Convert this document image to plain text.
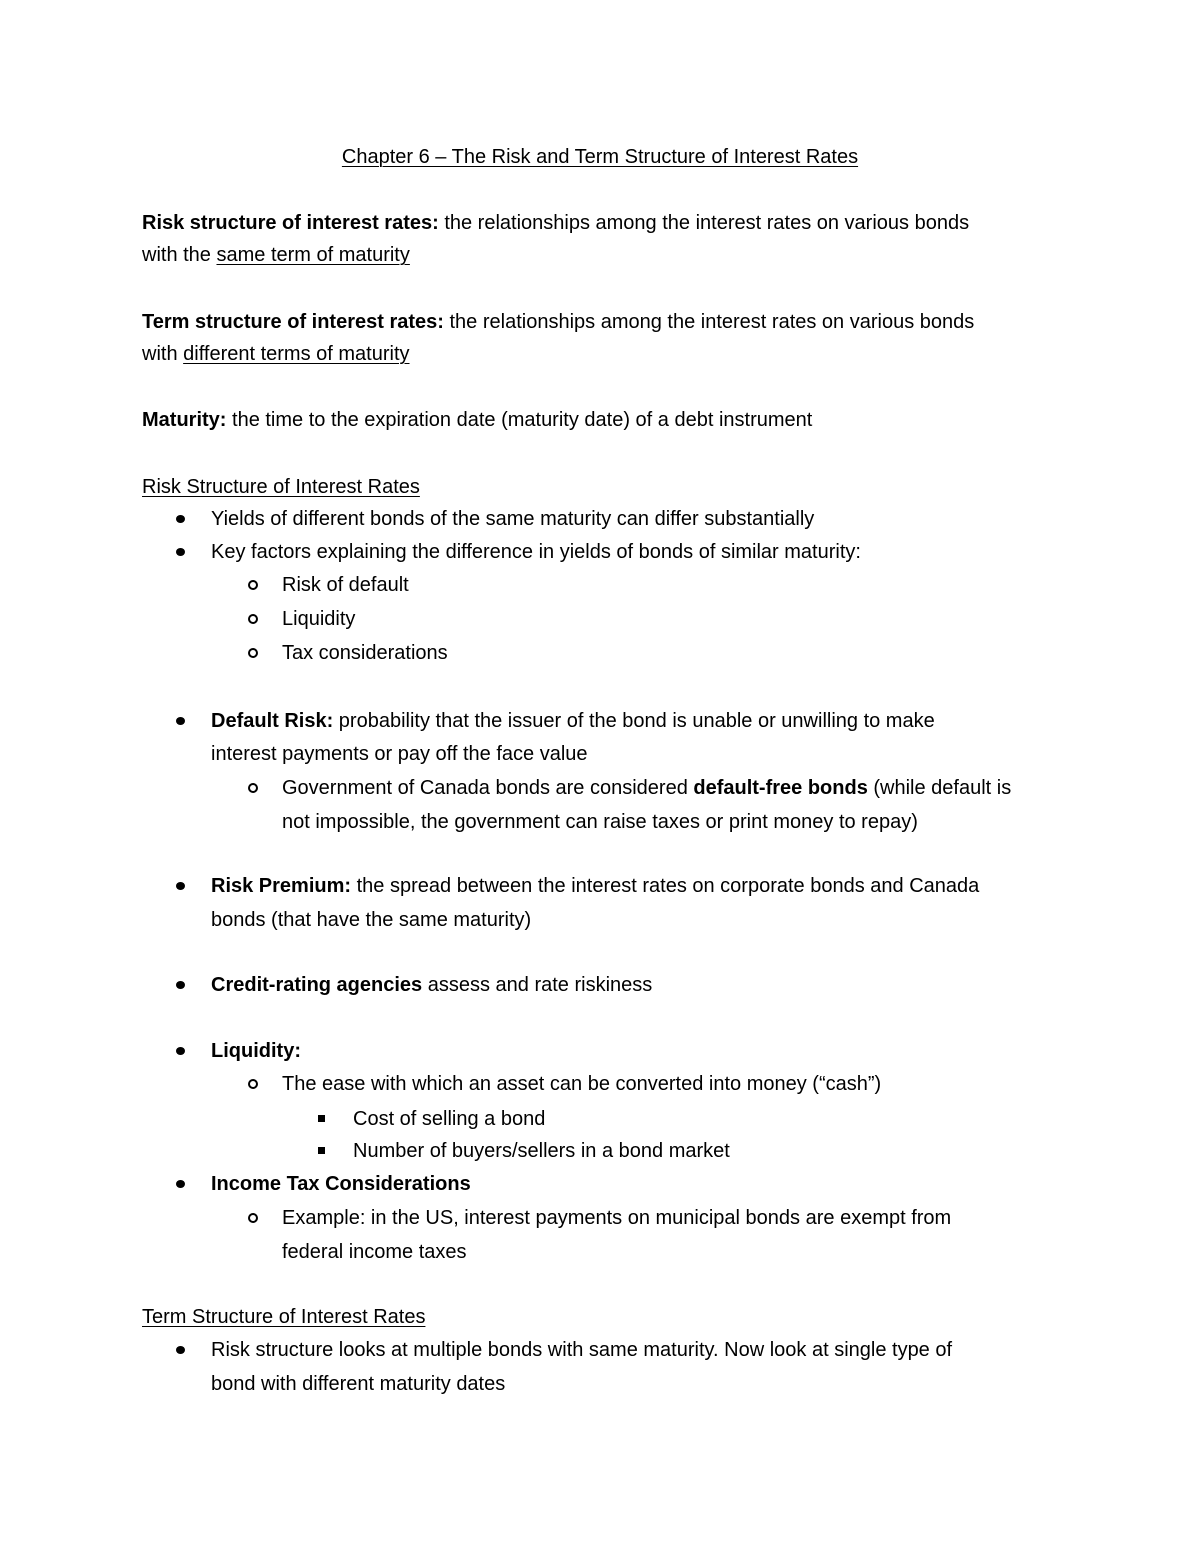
Chapter 6 – The Risk and Term Structure of Interest Rates
Risk structure of interest rates: the relationships among the interest rates on various bonds
with the same term of maturity
Term structure of interest rates: the relationships among the interest rates on various bonds
with different terms of maturity
Maturity: the time to the expiration date (maturity date) of a debt instrument
Risk Structure of Interest Rates
Yields of different bonds of the same maturity can differ substantially
Key factors explaining the difference in yields of bonds of similar maturity:
Risk of default
Liquidity
Tax considerations
Default Risk: probability that the issuer of the bond is unable or unwilling to make
interest payments or pay off the face value
Government of Canada bonds are considered default-free bonds (while default is
not impossible, the government can raise taxes or print money to repay)
Risk Premium: the spread between the interest rates on corporate bonds and Canada
bonds (that have the same maturity)
Credit-rating agencies assess and rate riskiness
Liquidity:
The ease with which an asset can be converted into money (“cash”)
Cost of selling a bond
Number of buyers/sellers in a bond market
Income Tax Considerations
Example: in the US, interest payments on municipal bonds are exempt from
federal income taxes
Term Structure of Interest Rates
Risk structure looks at multiple bonds with same maturity. Now look at single type of
bond with different maturity dates
